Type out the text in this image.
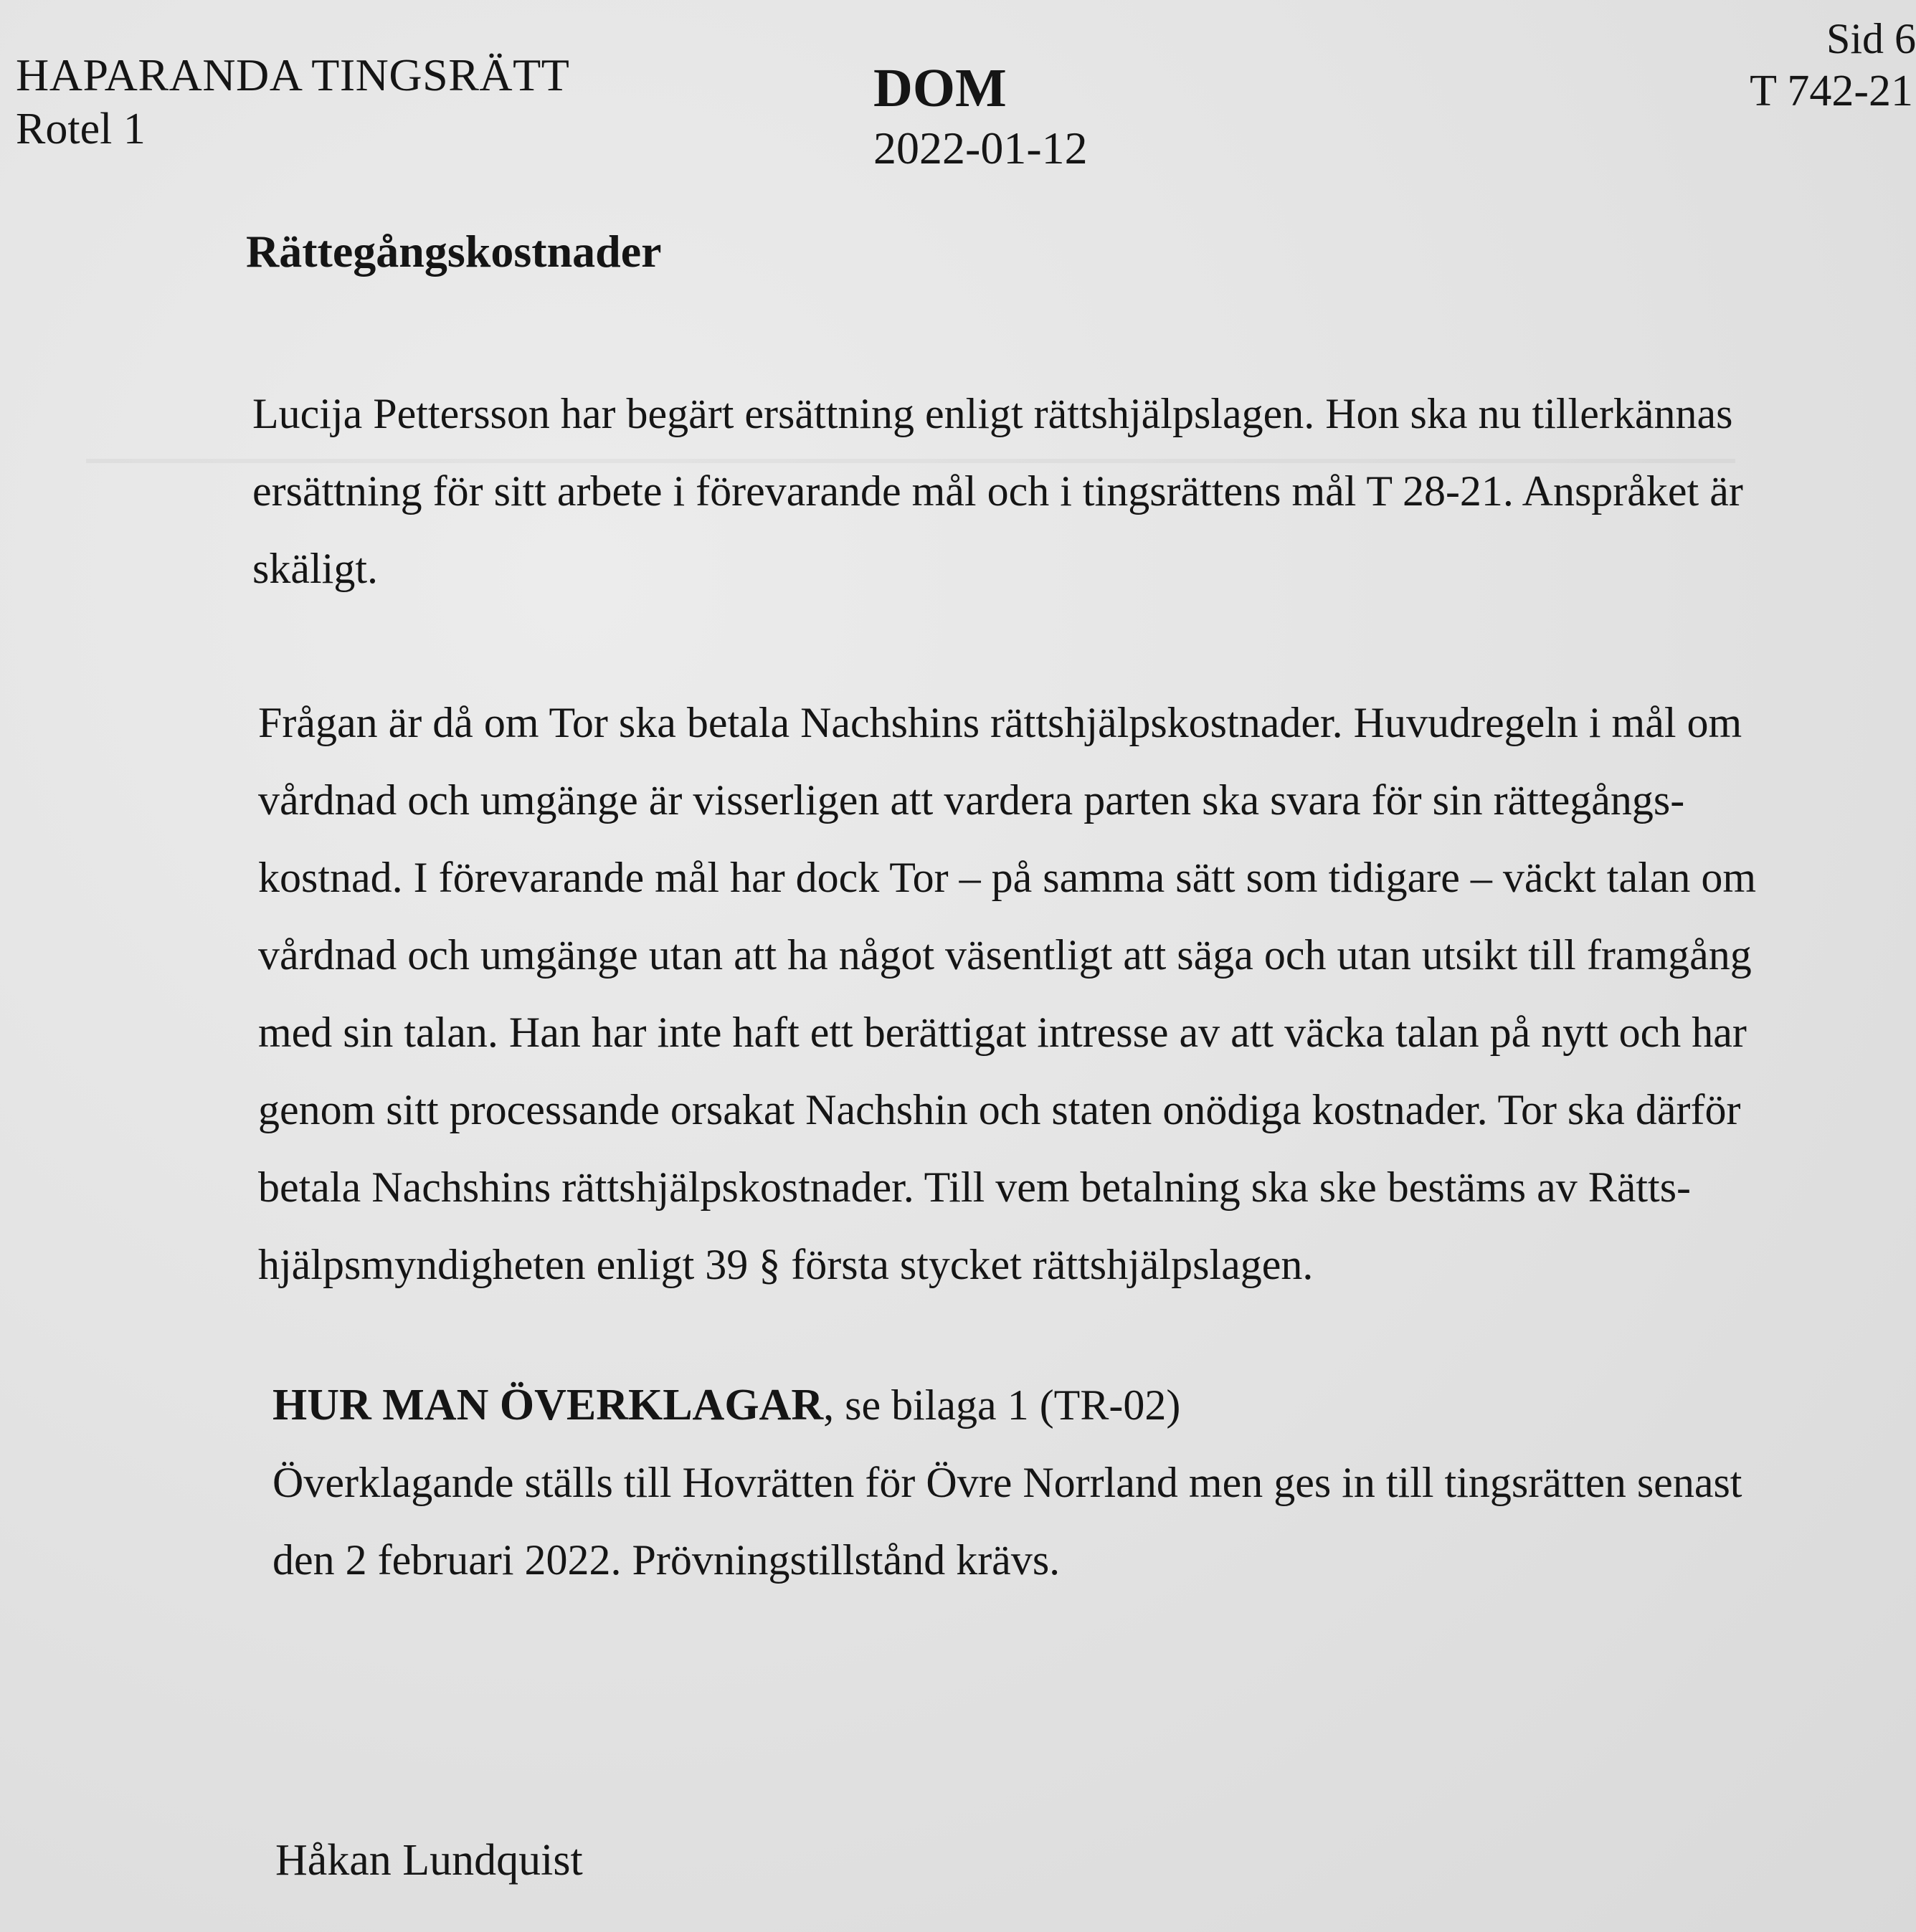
HAPARANDA TINGSRÄTT
Rotel 1
DOM
2022-01-12
Sid 6
T 742-21
Rättegångskostnader
Lucija Pettersson har begärt ersättning enligt rättshjälpslagen. Hon ska nu tillerkännas
ersättning för sitt arbete i förevarande mål och i tingsrättens mål T 28-21. Anspråket är
skäligt.
Frågan är då om Tor ska betala Nachshins rättshjälpskostnader. Huvudregeln i mål om
vårdnad och umgänge är visserligen att vardera parten ska svara för sin rättegångs-
kostnad. I förevarande mål har dock Tor – på samma sätt som tidigare – väckt talan om
vårdnad och umgänge utan att ha något väsentligt att säga och utan utsikt till framgång
med sin talan. Han har inte haft ett berättigat intresse av att väcka talan på nytt och har
genom sitt processande orsakat Nachshin och staten onödiga kostnader. Tor ska därför
betala Nachshins rättshjälpskostnader. Till vem betalning ska ske bestäms av Rätts-
hjälpsmyndigheten enligt 39 § första stycket rättshjälpslagen.
HUR MAN ÖVERKLAGAR, se bilaga 1 (TR-02)
Överklagande ställs till Hovrätten för Övre Norrland men ges in till tingsrätten senast
den 2 februari 2022. Prövningstillstånd krävs.
Håkan Lundquist
